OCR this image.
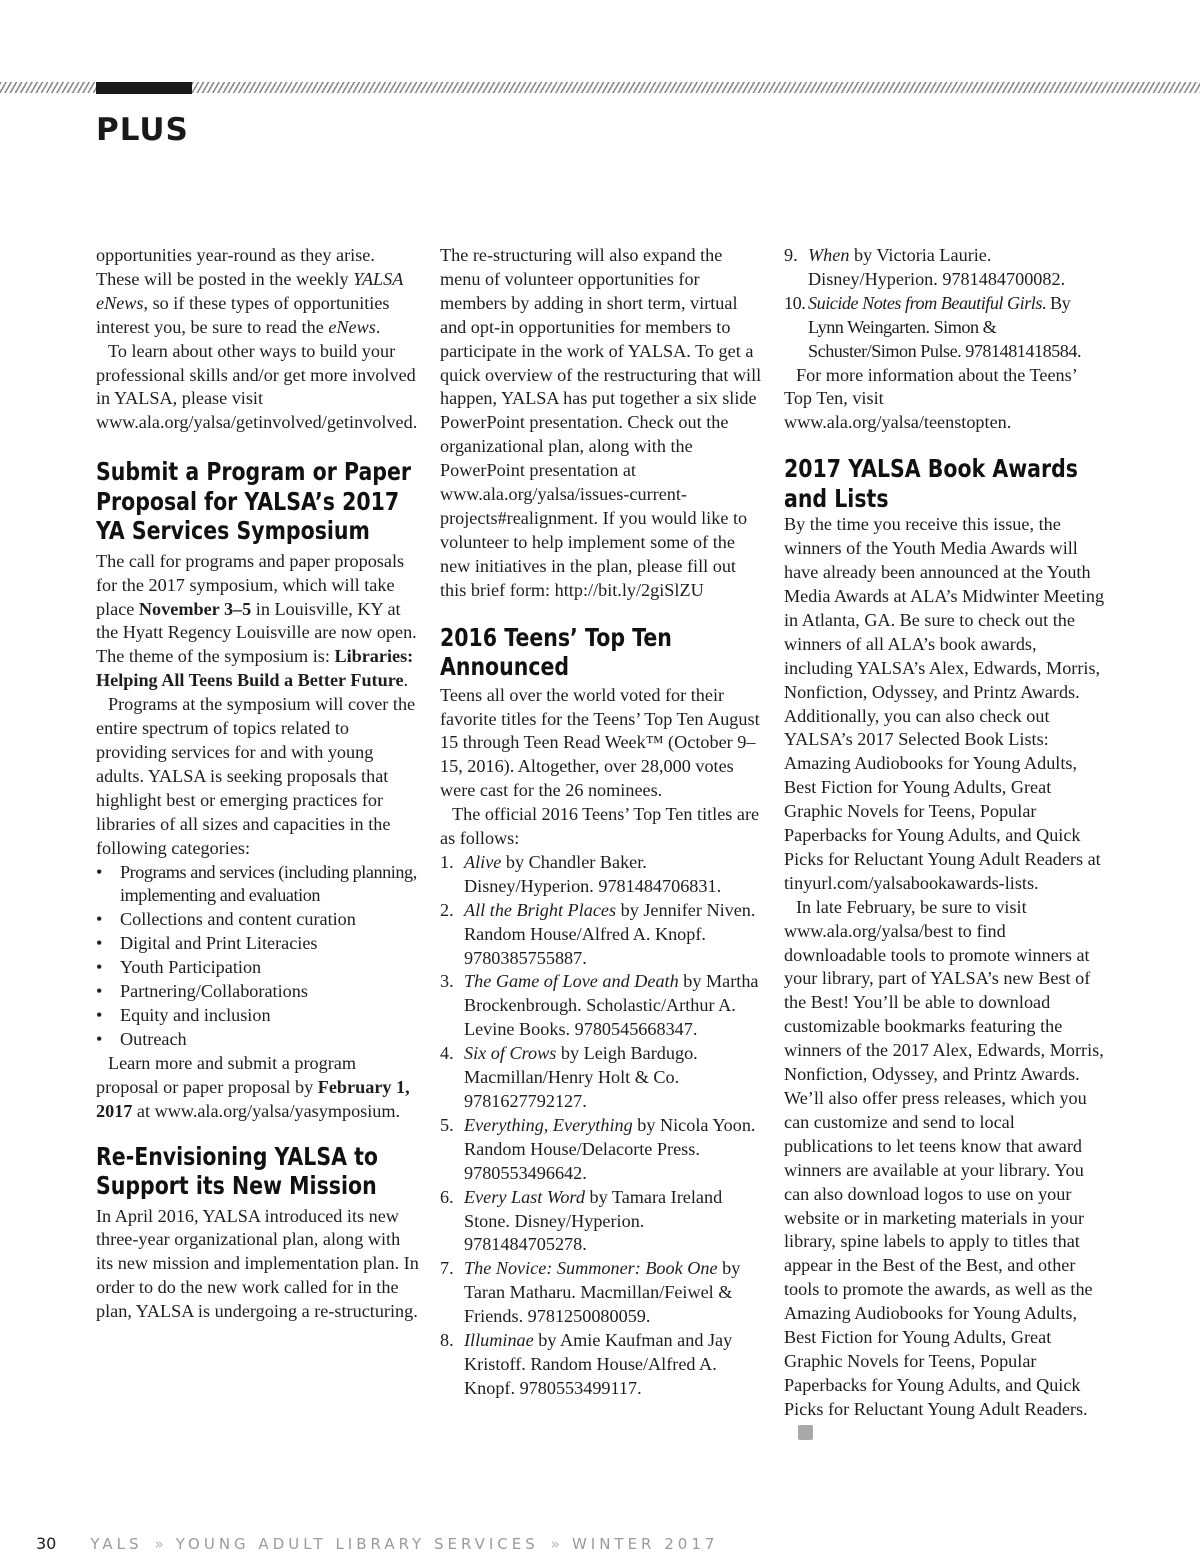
PLUS

opportunities year-round as they arise. These will be posted in the weekly YALSA eNews, so if these types of opportunities interest you, be sure to read the eNews.

To learn about other ways to build your professional skills and/or get more involved in YALSA, please visit www.ala.org/yalsa/getinvolved/getinvolved.

Submit a Program or Paper Proposal for YALSA’s 2017 YA Services Symposium

The call for programs and paper proposals for the 2017 symposium, which will take place November 3–5 in Louisville, KY at the Hyatt Regency Louisville are now open. The theme of the symposium is: Libraries: Helping All Teens Build a Better Future.

Programs at the symposium will cover the entire spectrum of topics related to providing services for and with young adults. YALSA is seeking proposals that highlight best or emerging practices for libraries of all sizes and capacities in the following categories:

• Programs and services (including planning, implementing and evaluation
• Collections and content curation
• Digital and Print Literacies
• Youth Participation
• Partnering/Collaborations
• Equity and inclusion
• Outreach

Learn more and submit a program proposal or paper proposal by February 1, 2017 at www.ala.org/yalsa/yasymposium.

Re-Envisioning YALSA to Support its New Mission

In April 2016, YALSA introduced its new three-year organizational plan, along with its new mission and implementation plan. In order to do the new work called for in the plan, YALSA is undergoing a re-structuring.

The re-structuring will also expand the menu of volunteer opportunities for members by adding in short term, virtual and opt-in opportunities for members to participate in the work of YALSA. To get a quick overview of the restructuring that will happen, YALSA has put together a six slide PowerPoint presentation. Check out the organizational plan, along with the PowerPoint presentation at www.ala.org/yalsa/issues-current-projects#realignment. If you would like to volunteer to help implement some of the new initiatives in the plan, please fill out this brief form: http://bit.ly/2giSlZU

2016 Teens’ Top Ten Announced

Teens all over the world voted for their favorite titles for the Teens’ Top Ten August 15 through Teen Read Week™ (October 9–15, 2016). Altogether, over 28,000 votes were cast for the 26 nominees.

The official 2016 Teens’ Top Ten titles are as follows:

1. Alive by Chandler Baker. Disney/Hyperion. 9781484706831.
2. All the Bright Places by Jennifer Niven. Random House/Alfred A. Knopf. 9780385755887.
3. The Game of Love and Death by Martha Brockenbrough. Scholastic/Arthur A. Levine Books. 9780545668347.
4. Six of Crows by Leigh Bardugo. Macmillan/Henry Holt & Co. 9781627792127.
5. Everything, Everything by Nicola Yoon. Random House/Delacorte Press. 9780553496642.
6. Every Last Word by Tamara Ireland Stone. Disney/Hyperion. 9781484705278.
7. The Novice: Summoner: Book One by Taran Matharu. Macmillan/Feiwel & Friends. 9781250080059.
8. Illuminae by Amie Kaufman and Jay Kristoff. Random House/Alfred A. Knopf. 9780553499117.
9. When by Victoria Laurie. Disney/Hyperion. 9781484700082.
10. Suicide Notes from Beautiful Girls. By Lynn Weingarten. Simon & Schuster/Simon Pulse. 9781481418584.

For more information about the Teens’ Top Ten, visit www.ala.org/yalsa/teenstopten.

2017 YALSA Book Awards and Lists

By the time you receive this issue, the winners of the Youth Media Awards will have already been announced at the Youth Media Awards at ALA’s Midwinter Meeting in Atlanta, GA. Be sure to check out the winners of all ALA’s book awards, including YALSA’s Alex, Edwards, Morris, Nonfiction, Odyssey, and Printz Awards. Additionally, you can also check out YALSA’s 2017 Selected Book Lists: Amazing Audiobooks for Young Adults, Best Fiction for Young Adults, Great Graphic Novels for Teens, Popular Paperbacks for Young Adults, and Quick Picks for Reluctant Young Adult Readers at tinyurl.com/yalsabookawards-lists.

In late February, be sure to visit www.ala.org/yalsa/best to find downloadable tools to promote winners at your library, part of YALSA’s new Best of the Best! You’ll be able to download customizable bookmarks featuring the winners of the 2017 Alex, Edwards, Morris, Nonfiction, Odyssey, and Printz Awards. We’ll also offer press releases, which you can customize and send to local publications to let teens know that award winners are available at your library. You can also download logos to use on your website or in marketing materials in your library, spine labels to apply to titles that appear in the Best of the Best, and other tools to promote the awards, as well as the Amazing Audiobooks for Young Adults, Best Fiction for Young Adults, Great Graphic Novels for Teens, Popular Paperbacks for Young Adults, and Quick Picks for Reluctant Young Adult Readers.

30 YALS » YOUNG ADULT LIBRARY SERVICES » WINTER 2017
